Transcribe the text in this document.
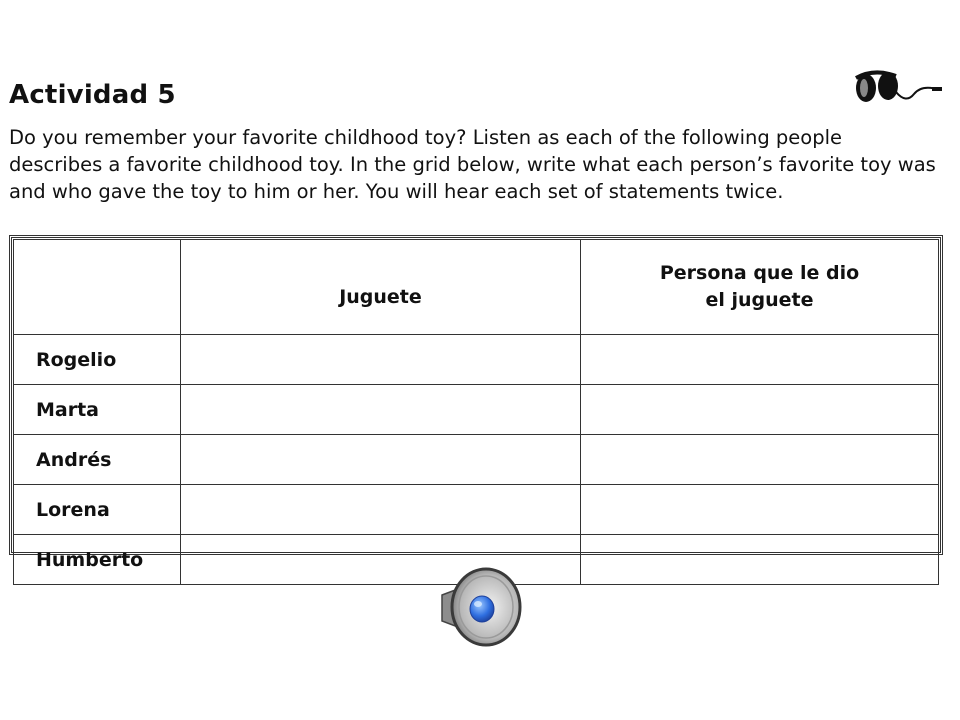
Actividad 5

Do you remember your favorite childhood toy? Listen as each of the following people describes a favorite childhood toy. In the grid below, write what each person’s favorite toy was and who gave the toy to him or her. You will hear each set of statements twice.

	Juguete	Persona que le dio
el juguete
Rogelio		
Marta		
Andrés		
Lorena		
Humberto		
